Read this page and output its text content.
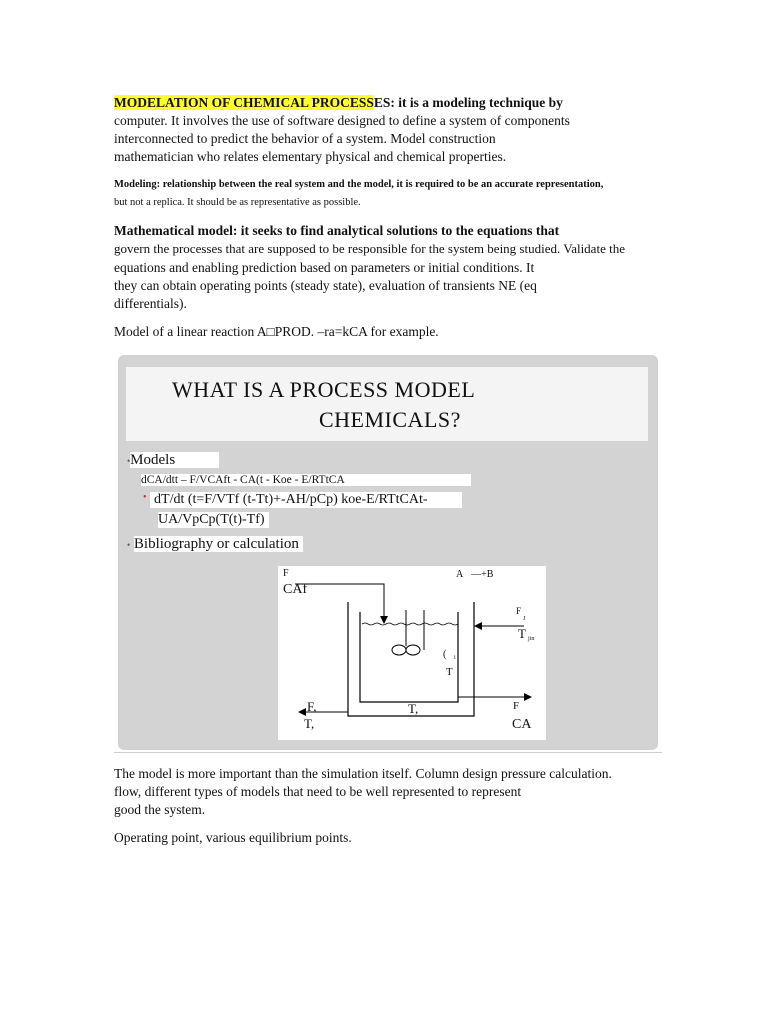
MODELATION OF CHEMICAL PROCESSES: it is a modeling technique by
computer. It involves the use of software designed to define a system of components
interconnected to predict the behavior of a system. Model construction
mathematician who relates elementary physical and chemical properties.
Modeling: relationship between the real system and the model, it is required to be an accurate representation,
but not a replica. It should be as representative as possible.
Mathematical model: it seeks to find analytical solutions to the equations that
govern the processes that are supposed to be responsible for the system being studied. Validate the
equations and enabling prediction based on parameters or initial conditions. It
they can obtain operating points (steady state), evaluation of transients NE (eq
differentials).
Model of a linear reaction A□PROD. –ra=kCA for example.
WHAT IS A PROCESS MODEL
CHEMICALS?
•Models
dCA/dtt – F/VCAft - CA(t - Koe - E/RTtCA
• dT/dt (t=F/VTf (t-Tt)+-AH/pCp) koe-E/RTtCAt-
UA/VpCp(T(t)-Tf)
• Bibliography or calculation
F
CAf
A —+B
F
J
T jin
( i
T
F,
T,
T,	F
CA
The model is more important than the simulation itself. Column design pressure calculation.
flow, different types of models that need to be well represented to represent
good the system.
Operating point, various equilibrium points.
